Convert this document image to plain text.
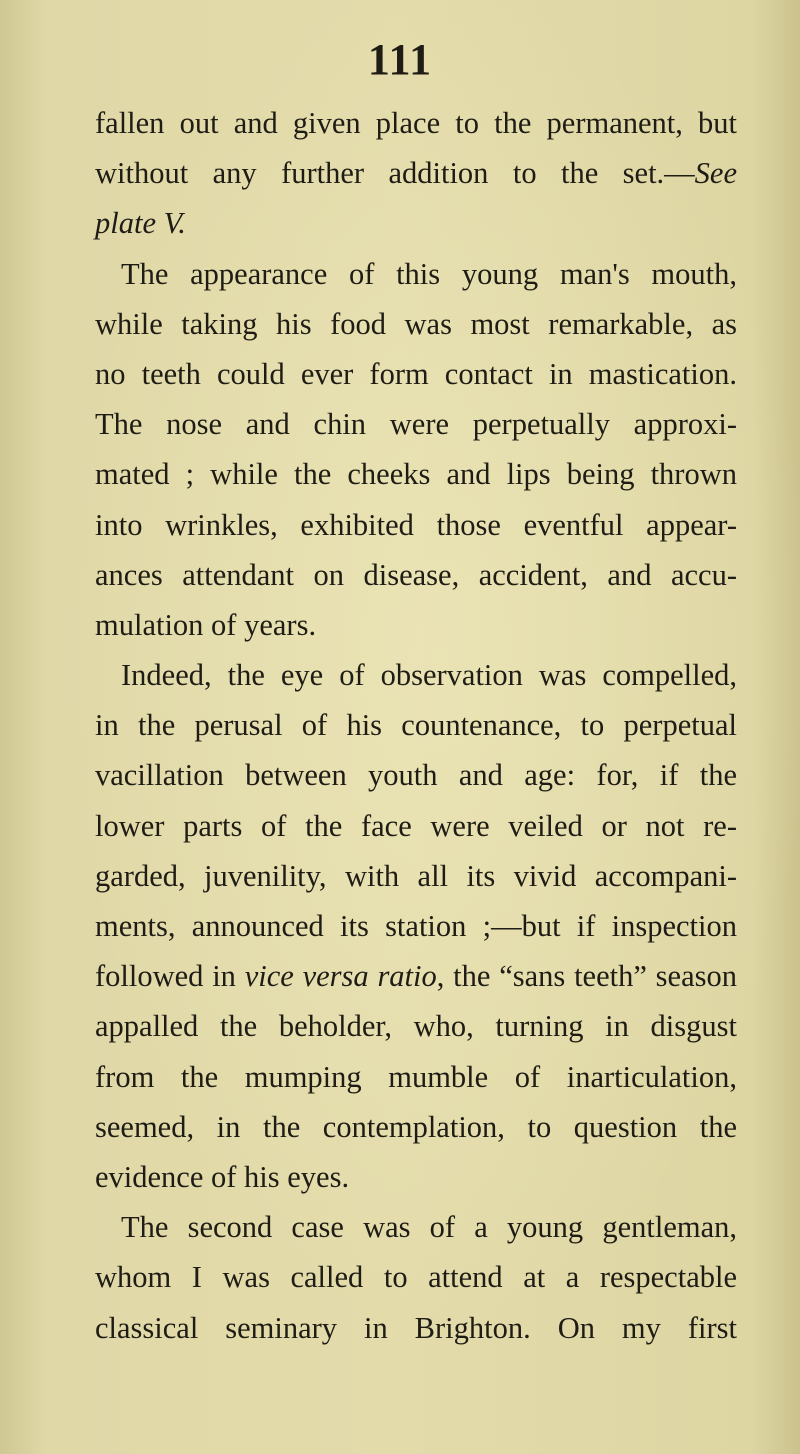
111
fallen out and given place to the permanent, but
without any further addition to the set.—See
plate V.
The appearance of this young man's mouth,
while taking his food was most remarkable, as
no teeth could ever form contact in mastication.
The nose and chin were perpetually approxi-
mated ; while the cheeks and lips being thrown
into wrinkles, exhibited those eventful appear-
ances attendant on disease, accident, and accu-
mulation of years.
Indeed, the eye of observation was compelled,
in the perusal of his countenance, to perpetual
vacillation between youth and age: for, if the
lower parts of the face were veiled or not re-
garded, juvenility, with all its vivid accompani-
ments, announced its station ;—but if inspection
followed in vice versa ratio, the “sans teeth” season
appalled the beholder, who, turning in disgust
from the mumping mumble of inarticulation,
seemed, in the contemplation, to question the
evidence of his eyes.
The second case was of a young gentleman,
whom I was called to attend at a respectable
classical seminary in Brighton. On my first
